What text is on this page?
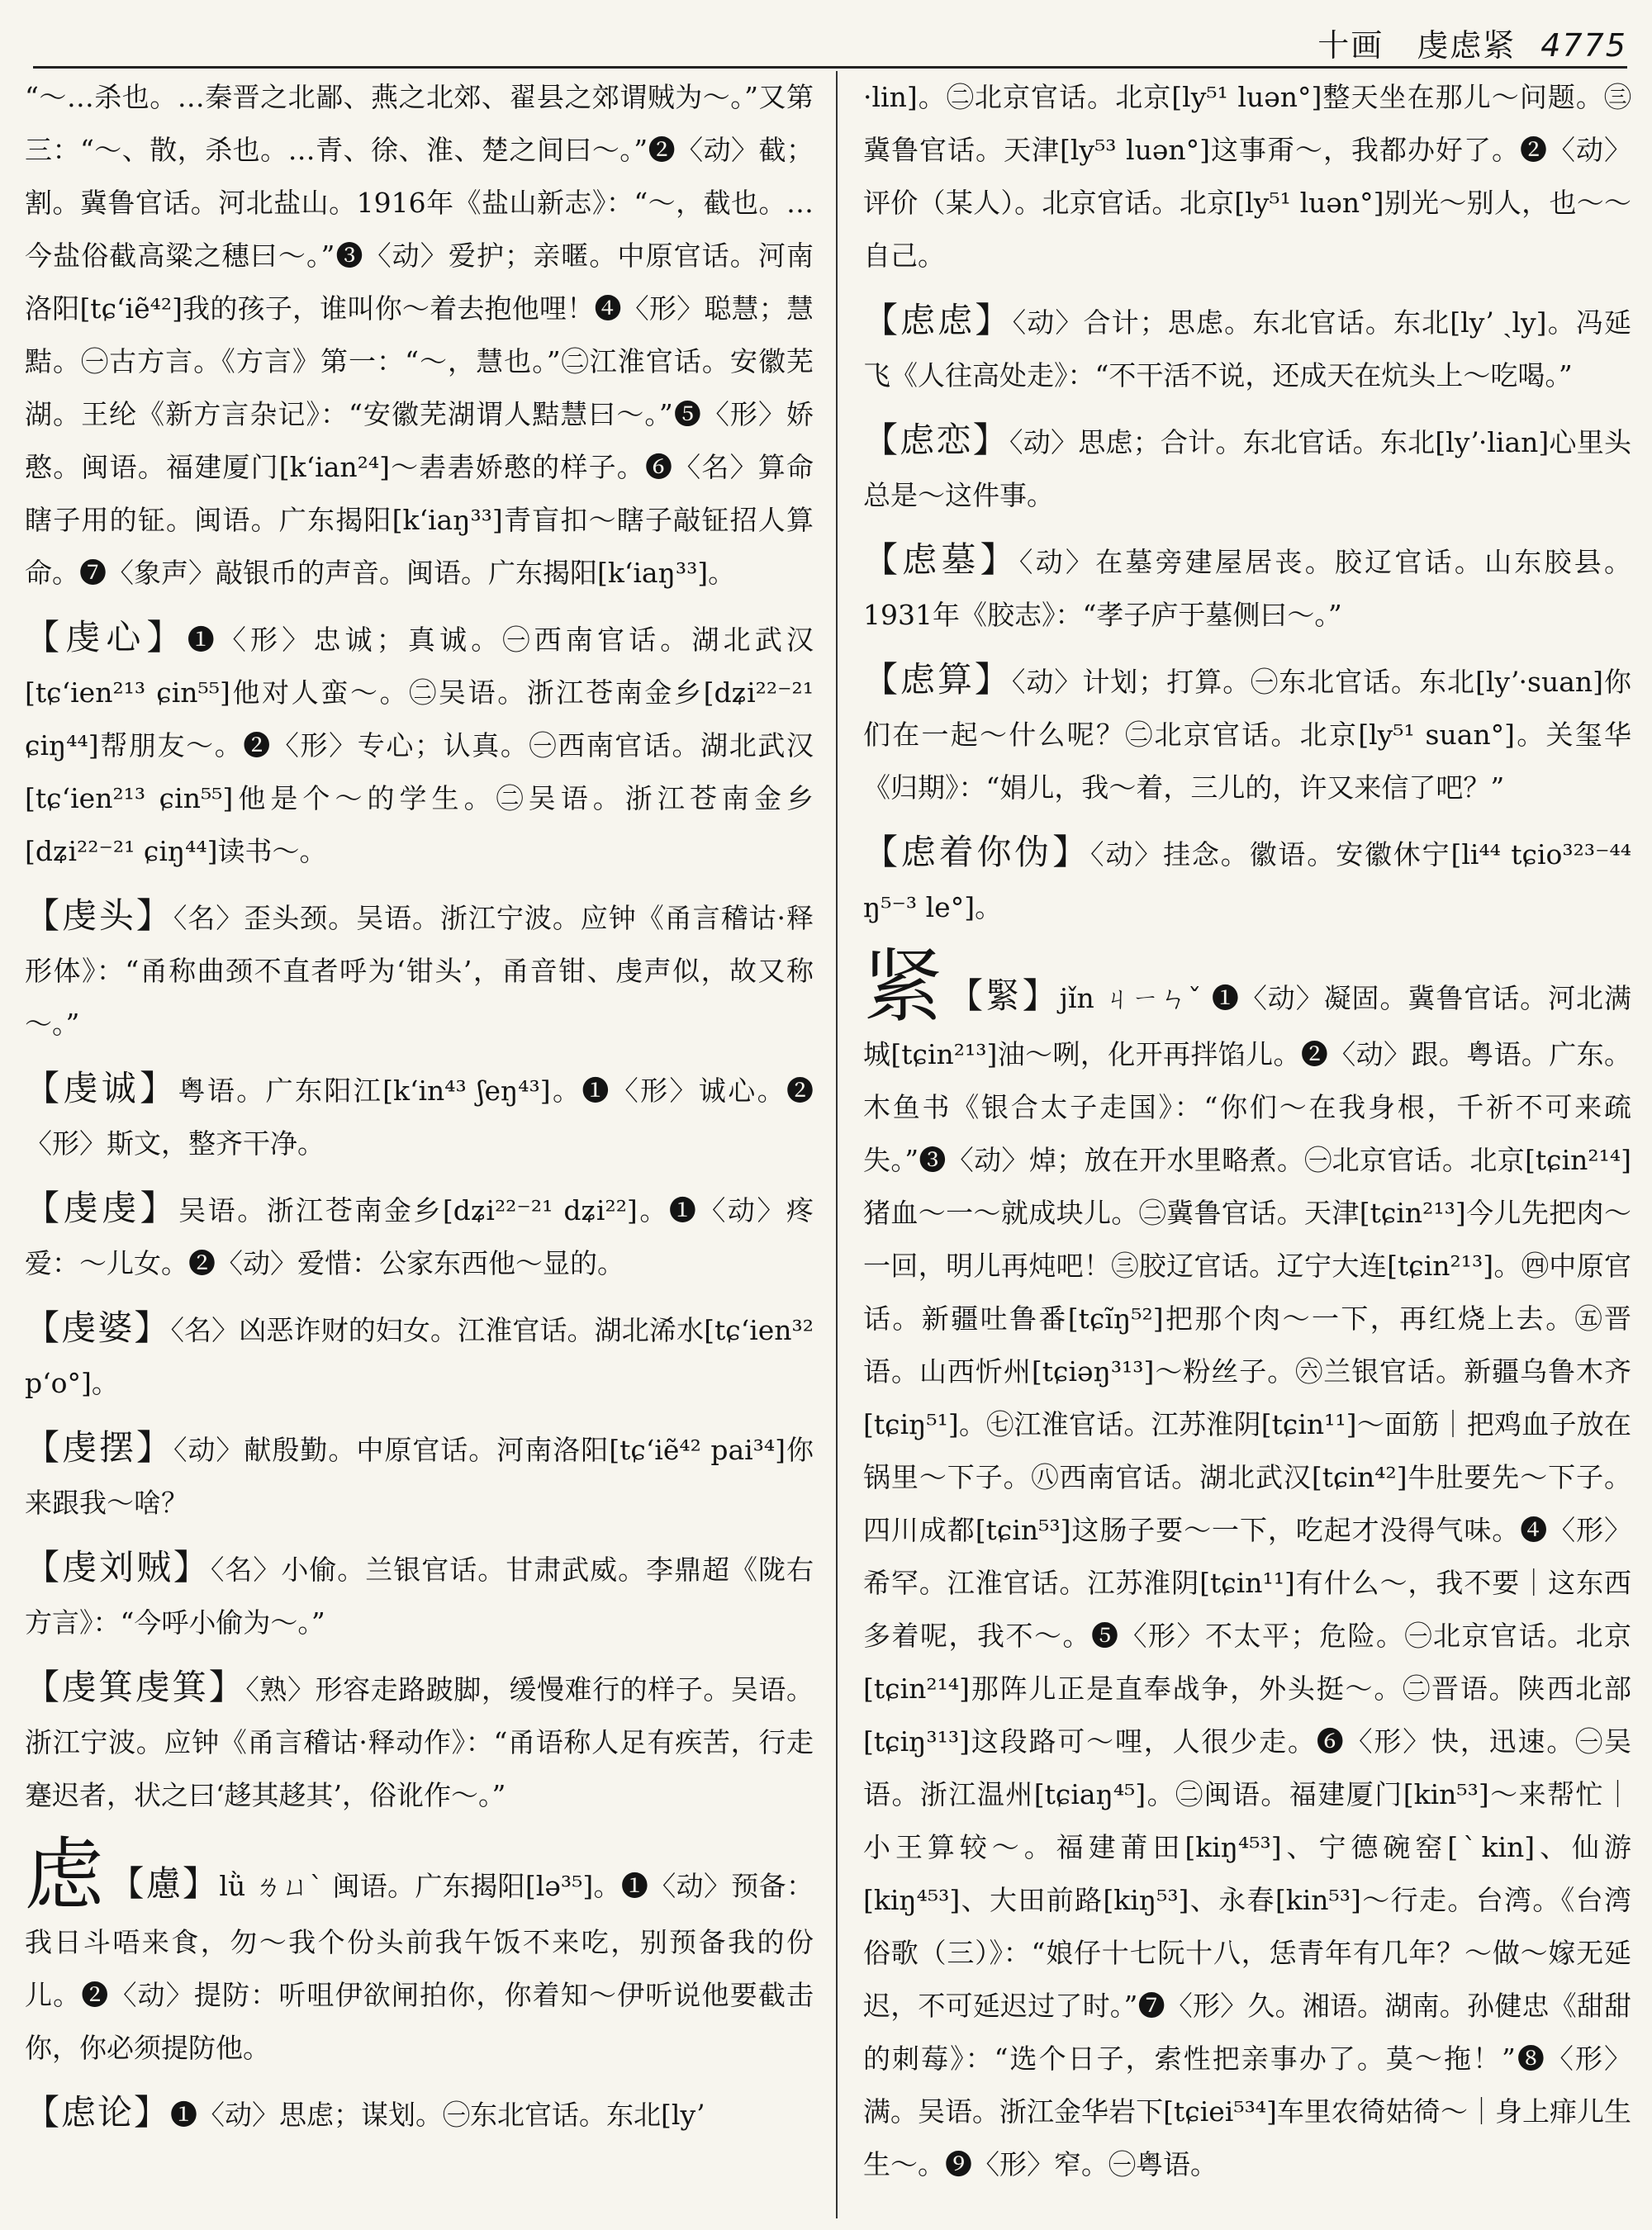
十画　虔虑紧 4775

“～…杀也。…秦晋之北鄙、燕之北郊、翟县之郊谓贼为～。”又第三：“～、散，杀也。…青、徐、淮、楚之间曰～。”❷〈动〉截；割。冀鲁官话。河北盐山。1916年《盐山新志》：“～，截也。…今盐俗截高粱之穗曰～。”❸〈动〉爱护；亲暱。中原官话。河南洛阳[tɕʻiẽ⁴²]我的孩子，谁叫你～着去抱他哩！❹〈形〉聪慧；慧黠。㊀古方言。《方言》第一：“～，慧也。”㊁江淮官话。安徽芜湖。王纶《新方言杂记》：“安徽芜湖谓人黠慧曰～。”❺〈形〉娇憨。闽语。福建厦门[kʻian²⁴]～砉砉娇憨的样子。❻〈名〉算命瞎子用的钲。闽语。广东揭阳[kʻiaŋ³³]青盲扣～瞎子敲钲招人算命。❼〈象声〉敲银币的声音。闽语。广东揭阳[kʻiaŋ³³]。

【虔心】❶〈形〉忠诚；真诚。㊀西南官话。湖北武汉[tɕʻien²¹³ ɕin⁵⁵]他对人蛮～。㊁吴语。浙江苍南金乡[dʑi²²⁻²¹ ɕiŋ⁴⁴]帮朋友～。❷〈形〉专心；认真。㊀西南官话。湖北武汉[tɕʻien²¹³ ɕin⁵⁵]他是个～的学生。㊁吴语。浙江苍南金乡[dʑi²²⁻²¹ ɕiŋ⁴⁴]读书～。

【虔头】〈名〉歪头颈。吴语。浙江宁波。应钟《甬言稽诂·释形体》：“甬称曲颈不直者呼为‘钳头’，甬音钳、虔声似，故又称～。”

【虔诚】粤语。广东阳江[kʻin⁴³ ʃeŋ⁴³]。❶〈形〉诚心。❷〈形〉斯文，整齐干净。

【虔虔】吴语。浙江苍南金乡[dʑi²²⁻²¹ dʑi²²]。❶〈动〉疼爱：～儿女。❷〈动〉爱惜：公家东西他～显的。

【虔婆】〈名〉凶恶诈财的妇女。江淮官话。湖北浠水[tɕʻien³² pʻo°]。

【虔摆】〈动〉献殷勤。中原官话。河南洛阳[tɕʻiẽ⁴² pai³⁴]你来跟我～啥？

【虔刘贼】〈名〉小偷。兰银官话。甘肃武威。李鼎超《陇右方言》：“今呼小偷为～。”

【虔箕虔箕】〈熟〉形容走路跛脚，缓慢难行的样子。吴语。浙江宁波。应钟《甬言稽诂·释动作》：“甬语称人足有疾苦，行走蹇迟者，状之曰‘趍其趍其’，俗讹作～。”

虑 【慮】lǜ ㄌㄩˋ 闽语。广东揭阳[lə³⁵]。❶〈动〉预备：我日斗唔来食，勿～我个份头前我午饭不来吃，别预备我的份儿。❷〈动〉提防：听咀伊欲闸拍你，你着知～伊听说他要截击你，你必须提防他。

【虑论】❶〈动〉思虑；谋划。㊀东北官话。东北[lyʼ

·lin]。㊁北京官话。北京[ly⁵¹ luən°]整天坐在那儿～问题。㊂冀鲁官话。天津[ly⁵³ luən°]这事甭～，我都办好了。❷〈动〉评价（某人）。北京官话。北京[ly⁵¹ luən°]别光～别人，也～～自己。

【虑虑】〈动〉合计；思虑。东北官话。东北[lyʼ ˏly]。冯延飞《人往高处走》：“不干活不说，还成天在炕头上～吃喝。”

【虑恋】〈动〉思虑；合计。东北官话。东北[lyʼ·lian]心里头总是～这件事。

【虑墓】〈动〉在墓旁建屋居丧。胶辽官话。山东胶县。1931年《胶志》：“孝子庐于墓侧曰～。”

【虑算】〈动〉计划；打算。㊀东北官话。东北[lyʼ·suan]你们在一起～什么呢？㊁北京官话。北京[ly⁵¹ suan°]。关玺华《归期》：“娟儿，我～着，三儿的，许又来信了吧？”

【虑着你伪】〈动〉挂念。徽语。安徽休宁[li⁴⁴ tɕio³²³⁻⁴⁴ ŋ⁵⁻³ le°]。

紧 【緊】jǐn ㄐㄧㄣˇ ❶〈动〉凝固。冀鲁官话。河北满城[tɕin²¹³]油～咧，化开再拌馅儿。❷〈动〉跟。粤语。广东。木鱼书《银合太子走国》：“你们～在我身根，千祈不可来疏失。”❸〈动〉焯；放在开水里略煮。㊀北京官话。北京[tɕin²¹⁴]猪血～一～就成块儿。㊁冀鲁官话。天津[tɕin²¹³]今儿先把肉～一回，明儿再炖吧！㊂胶辽官话。辽宁大连[tɕin²¹³]。㊃中原官话。新疆吐鲁番[tɕĩŋ⁵²]把那个肉～一下，再红烧上去。㊄晋语。山西忻州[tɕiəŋ³¹³]～粉丝子。㊅兰银官话。新疆乌鲁木齐[tɕiŋ⁵¹]。㊆江淮官话。江苏淮阴[tɕin¹¹]～面筋｜把鸡血子放在锅里～下子。㊇西南官话。湖北武汉[tɕin⁴²]牛肚要先～下子。四川成都[tɕin⁵³]这肠子要～一下，吃起才没得气味。❹〈形〉希罕。江淮官话。江苏淮阴[tɕin¹¹]有什么～，我不要｜这东西多着呢，我不～。❺〈形〉不太平；危险。㊀北京官话。北京[tɕin²¹⁴]那阵儿正是直奉战争，外头挺～。㊁晋语。陕西北部[tɕiŋ³¹³]这段路可～哩，人很少走。❻〈形〉快，迅速。㊀吴语。浙江温州[tɕiaŋ⁴⁵]。㊁闽语。福建厦门[kin⁵³]～来帮忙｜小王算较～。福建莆田[kiŋ⁴⁵³]、宁德碗窑[ˋkin]、仙游[kiŋ⁴⁵³]、大田前路[kiŋ⁵³]、永春[kin⁵³]～行走。台湾。《台湾俗歌（三）》：“娘仔十七阮十八，恁青年有几年？～做～嫁无延迟，不可延迟过了时。”❼〈形〉久。湘语。湖南。孙健忠《甜甜的刺莓》：“选个日子，索性把亲事办了。莫～拖！”❽〈形〉满。吴语。浙江金华岩下[tɕiei⁵³⁴]车里农徛姑徛～｜身上痱儿生生～。❾〈形〉窄。㊀粤语。
